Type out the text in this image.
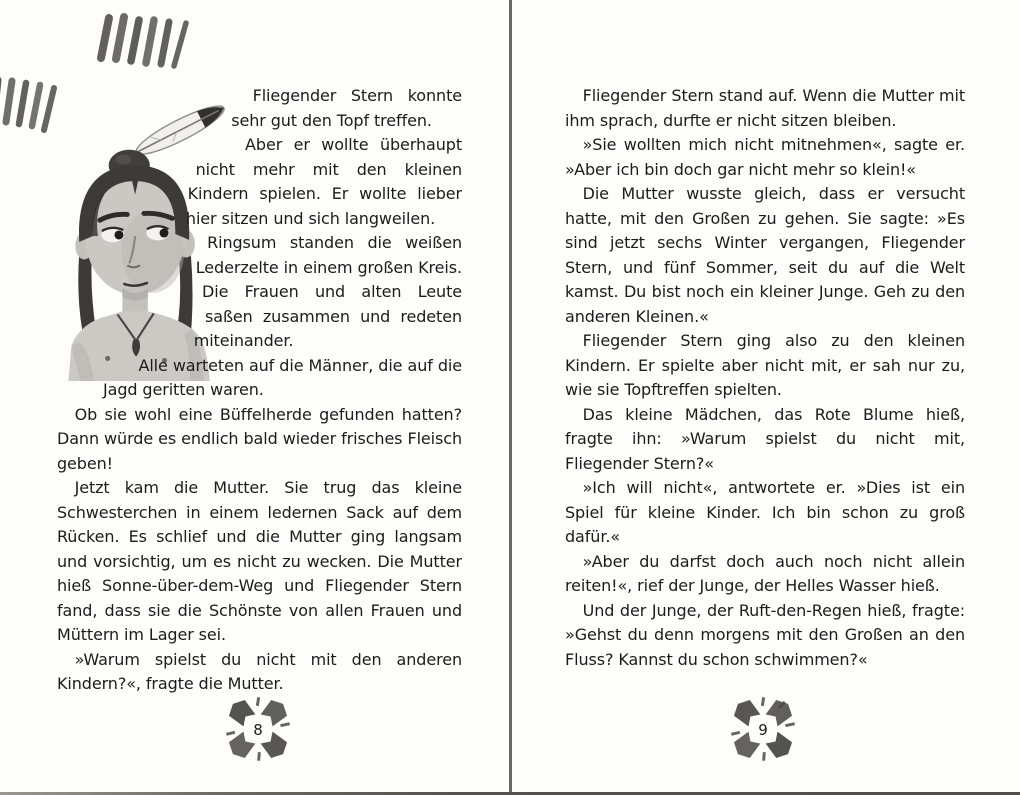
Fliegender Stern konnte sehr gut den Topf treffen.

Aber er wollte überhaupt nicht mehr mit den kleinen Kindern spielen. Er wollte lieber hier sitzen und sich langweilen.

Ringsum standen die weißen Lederzelte in einem großen Kreis. Die Frauen und alten Leute saßen zusammen und redeten miteinander.

Alle warteten auf die Männer, die auf die Jagd geritten waren.

Ob sie wohl eine Büffelherde gefunden hatten? Dann würde es endlich bald wieder frisches Fleisch geben!

Jetzt kam die Mutter. Sie trug das kleine Schwesterchen in einem ledernen Sack auf dem Rücken. Es schlief und die Mutter ging langsam und vorsichtig, um es nicht zu wecken. Die Mutter hieß Sonne-über-dem-Weg und Fliegender Stern fand, dass sie die Schönste von allen Frauen und Müttern im Lager sei.

»Warum spielst du nicht mit den anderen Kindern?«, fragte die Mutter.

8

Fliegender Stern stand auf. Wenn die Mutter mit ihm sprach, durfte er nicht sitzen bleiben.

»Sie wollten mich nicht mitnehmen«, sagte er. »Aber ich bin doch gar nicht mehr so klein!«

Die Mutter wusste gleich, dass er versucht hatte, mit den Großen zu gehen. Sie sagte: »Es sind jetzt sechs Winter vergangen, Fliegender Stern, und fünf Sommer, seit du auf die Welt kamst. Du bist noch ein kleiner Junge. Geh zu den anderen Kleinen.«

Fliegender Stern ging also zu den kleinen Kindern. Er spielte aber nicht mit, er sah nur zu, wie sie Topftreffen spielten.

Das kleine Mädchen, das Rote Blume hieß, fragte ihn: »Warum spielst du nicht mit, Fliegender Stern?«

»Ich will nicht«, antwortete er. »Dies ist ein Spiel für kleine Kinder. Ich bin schon zu groß dafür.«

»Aber du darfst doch auch noch nicht allein reiten!«, rief der Junge, der Helles Wasser hieß.

Und der Junge, der Ruft-den-Regen hieß, fragte: »Gehst du denn morgens mit den Großen an den Fluss? Kannst du schon schwimmen?«

9
